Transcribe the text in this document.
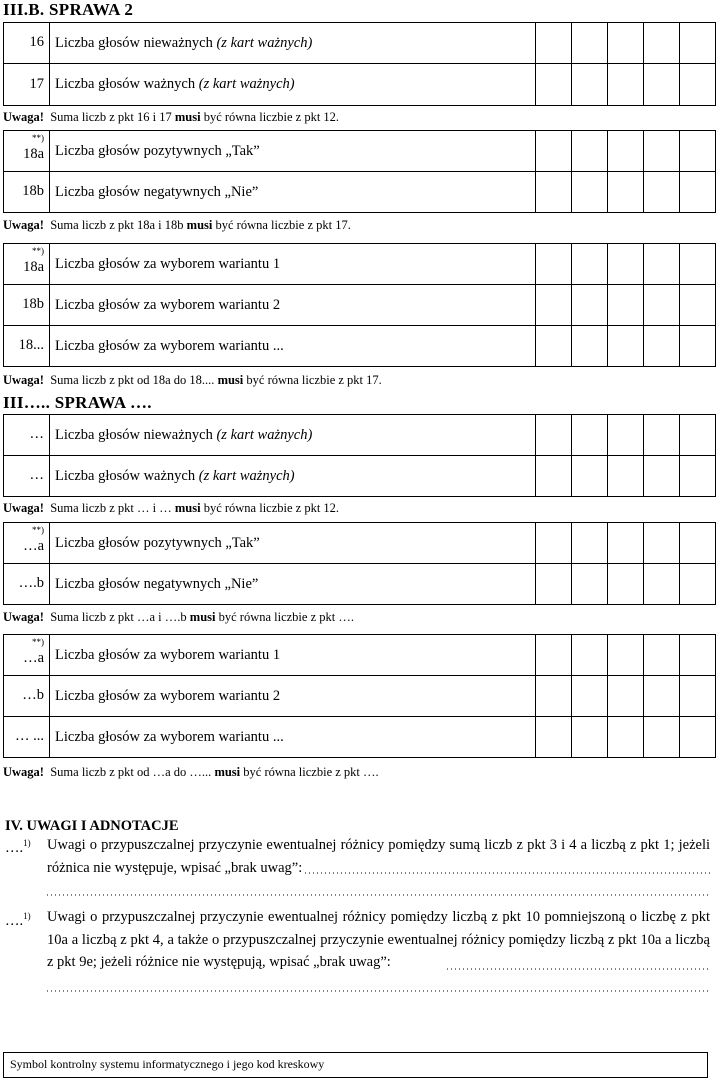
III.B. SPRAWA 2
16	Liczba głosów nieważnych (z kart ważnych)					
17	Liczba głosów ważnych (z kart ważnych)					
Uwaga! Suma liczb z pkt 16 i 17 musi być równa liczbie z pkt 12.
**)
18a	Liczba głosów pozytywnych „Tak”					
18b	Liczba głosów negatywnych „Nie”					
Uwaga! Suma liczb z pkt 18a i 18b musi być równa liczbie z pkt 17.
**)
18a	Liczba głosów za wyborem wariantu 1					
18b	Liczba głosów za wyborem wariantu 2					
18...	Liczba głosów za wyborem wariantu ...					
Uwaga! Suma liczb z pkt od 18a do 18.... musi być równa liczbie z pkt 17.
III….. SPRAWA ….
…	Liczba głosów nieważnych (z kart ważnych)					
…	Liczba głosów ważnych (z kart ważnych)					
Uwaga! Suma liczb z pkt … i … musi być równa liczbie z pkt 12.
**)
…a	Liczba głosów pozytywnych „Tak”					
….b	Liczba głosów negatywnych „Nie”					
Uwaga! Suma liczb z pkt …a i ….b musi być równa liczbie z pkt ….
**)
…a	Liczba głosów za wyborem wariantu 1					
…b	Liczba głosów za wyborem wariantu 2					
… ...	Liczba głosów za wyborem wariantu ...					
Uwaga! Suma liczb z pkt od …a do …... musi być równa liczbie z pkt ….
IV. UWAGI I ADNOTACJE
….$^{1)}$ Uwagi o przypuszczalnej przyczynie ewentualnej różnicy pomiędzy sumą liczb z pkt 3 i 4 a liczbą z pkt 1; jeżeli różnica nie występuje, wpisać „brak uwag”:
….$^{1)}$ Uwagi o przypuszczalnej przyczynie ewentualnej różnicy pomiędzy liczbą z pkt 10 pomniejszoną o liczbę z pkt 10a a liczbą z pkt 4, a także o przypuszczalnej przyczynie ewentualnej różnicy pomiędzy liczbą z pkt 10a a liczbą z pkt 9e; jeżeli różnice nie występują, wpisać „brak uwag”:
Symbol kontrolny systemu informatycznego i jego kod kreskowy
